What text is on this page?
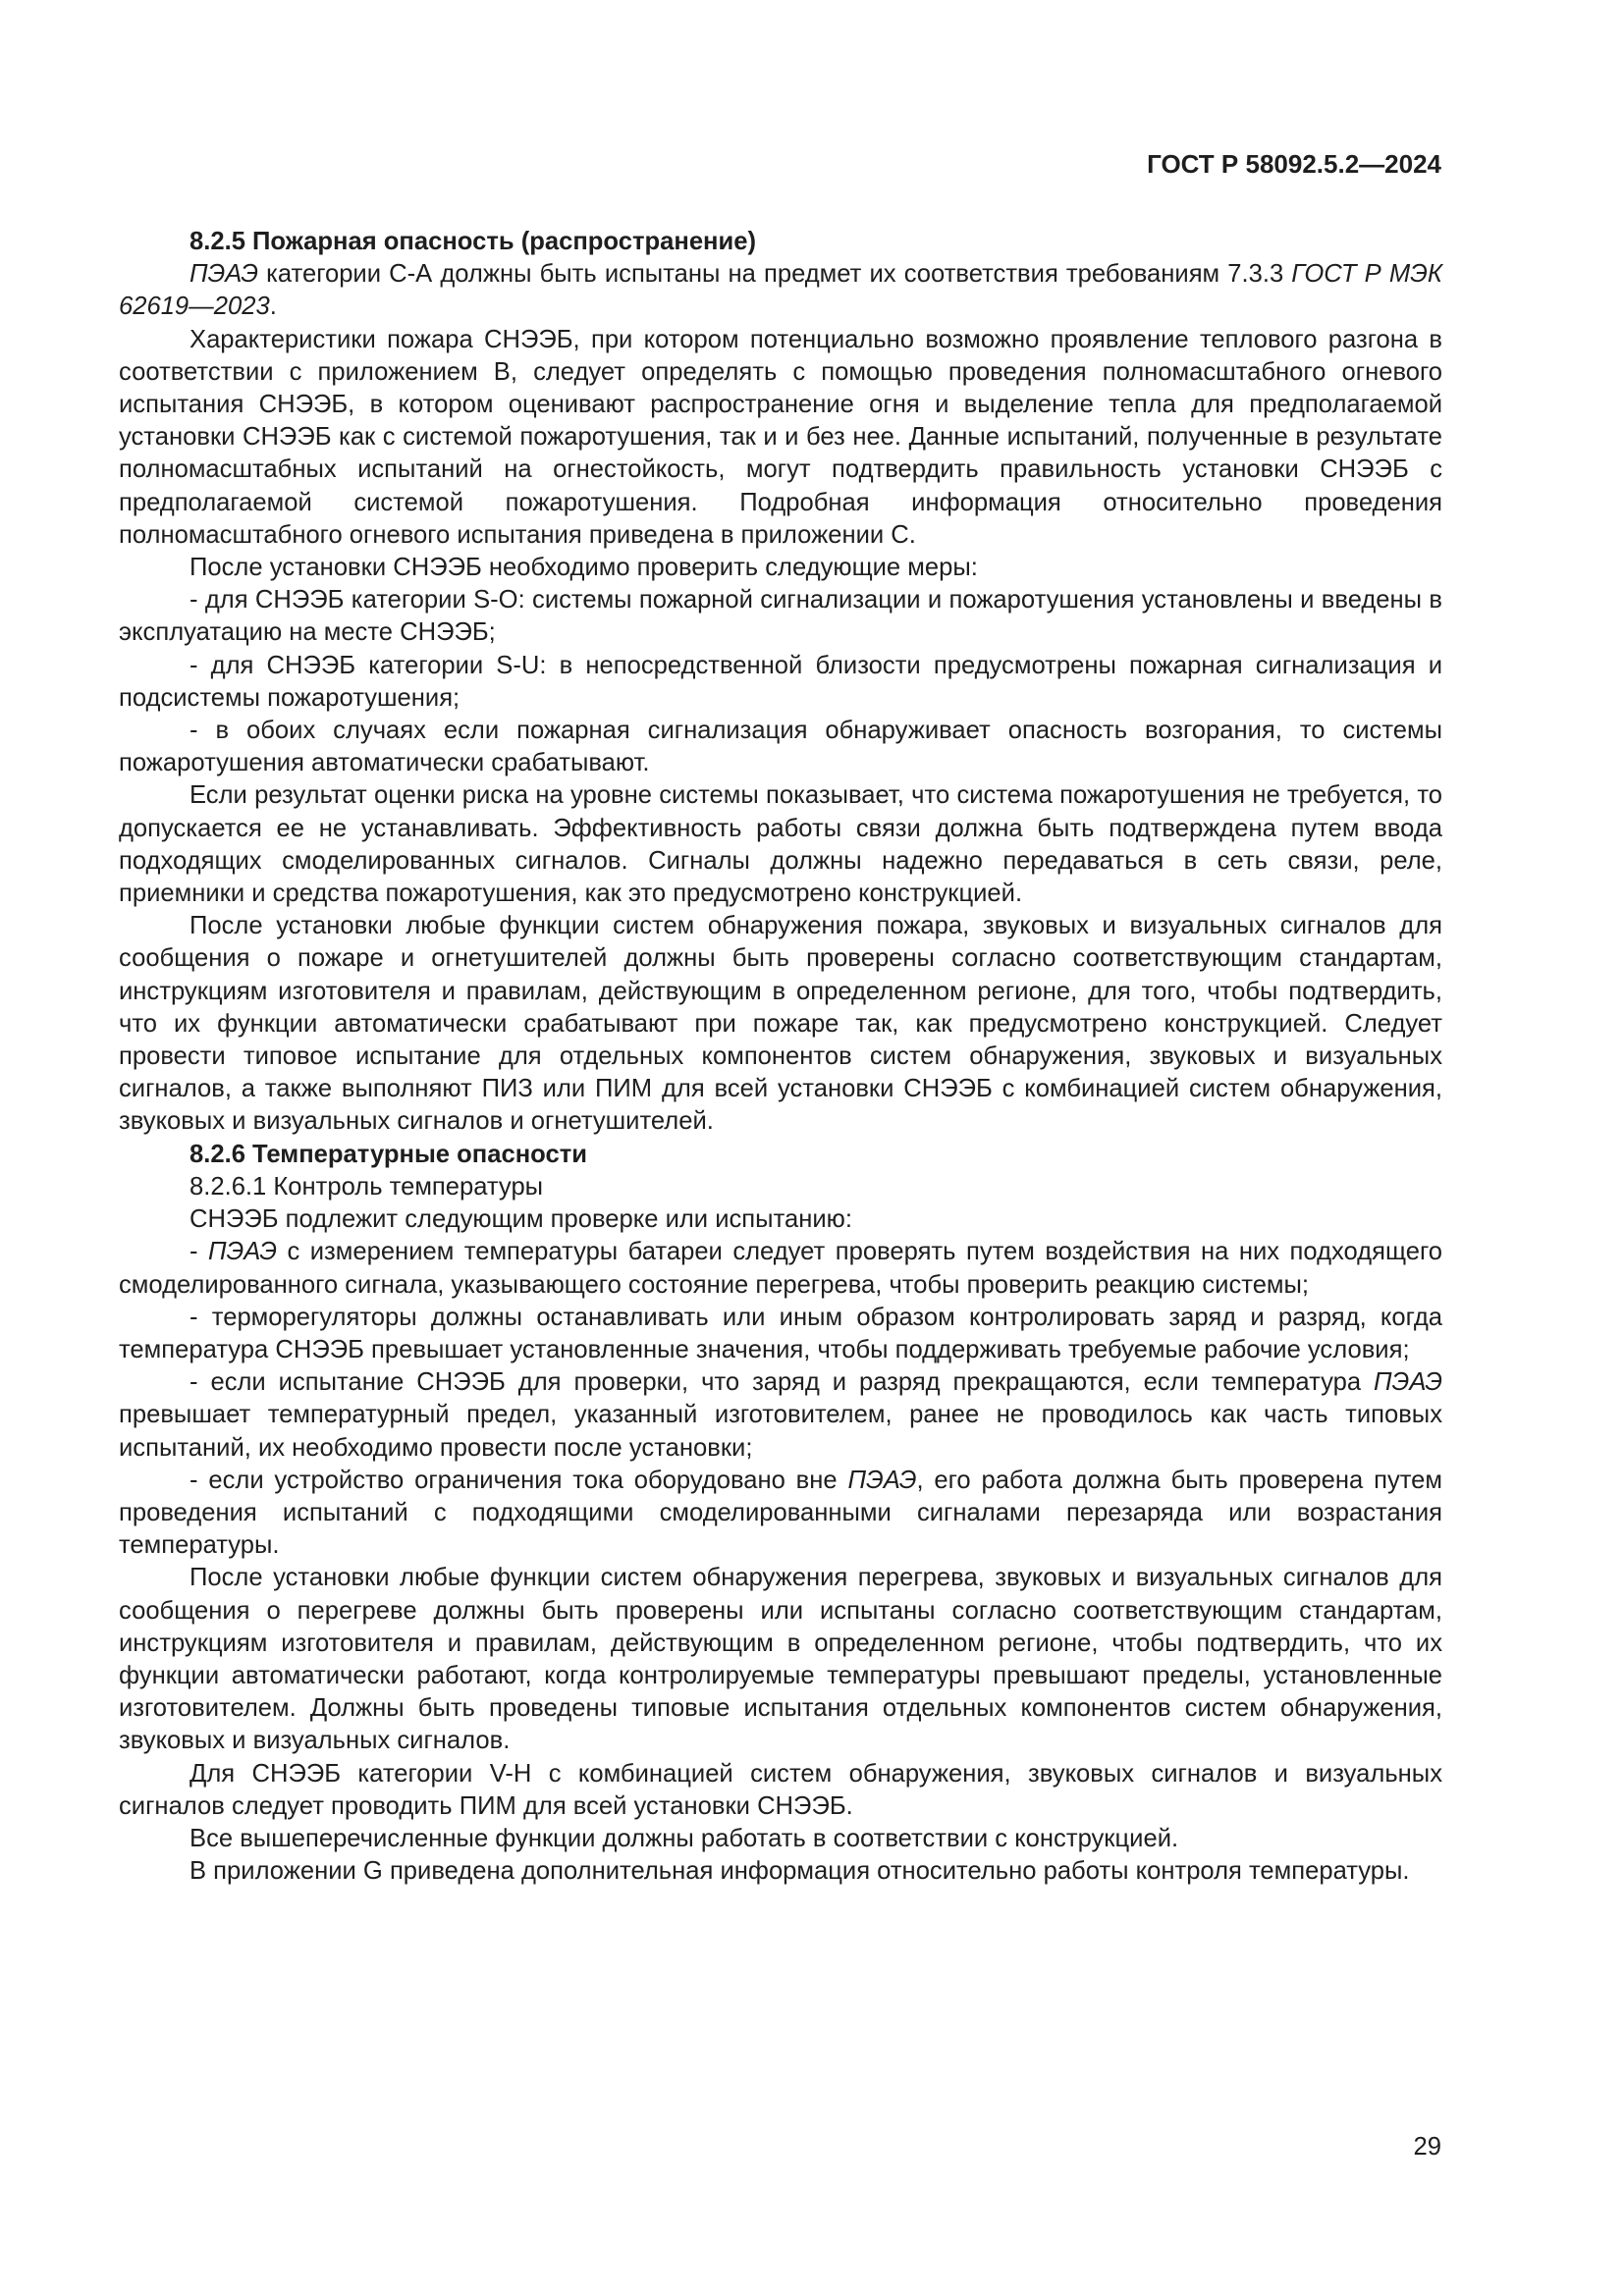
ГОСТ Р 58092.5.2—2024
8.2.5 Пожарная опасность (распространение)

ПЭАЭ категории С-А должны быть испытаны на предмет их соответствия требованиям 7.3.3 ГОСТ Р МЭК 62619—2023.

Характеристики пожара СНЭЭБ, при котором потенциально возможно проявление теплового разгона в соответствии с приложением В, следует определять с помощью проведения полномасштабного огневого испытания СНЭЭБ, в котором оценивают распространение огня и выделение тепла для предполагаемой установки СНЭЭБ как с системой пожаротушения, так и и без нее. Данные испытаний, полученные в результате полномасштабных испытаний на огнестойкость, могут подтвердить правильность установки СНЭЭБ с предполагаемой системой пожаротушения. Подробная информация относительно проведения полномасштабного огневого испытания приведена в приложении С.

После установки СНЭЭБ необходимо проверить следующие меры:

- для СНЭЭБ категории S-O: системы пожарной сигнализации и пожаротушения установлены и введены в эксплуатацию на месте СНЭЭБ;

- для СНЭЭБ категории S-U: в непосредственной близости предусмотрены пожарная сигнализация и подсистемы пожаротушения;

- в обоих случаях если пожарная сигнализация обнаруживает опасность возгорания, то системы пожаротушения автоматически срабатывают.

Если результат оценки риска на уровне системы показывает, что система пожаротушения не требуется, то допускается ее не устанавливать. Эффективность работы связи должна быть подтверждена путем ввода подходящих смоделированных сигналов. Сигналы должны надежно передаваться в сеть связи, реле, приемники и средства пожаротушения, как это предусмотрено конструкцией.

После установки любые функции систем обнаружения пожара, звуковых и визуальных сигналов для сообщения о пожаре и огнетушителей должны быть проверены согласно соответствующим стандартам, инструкциям изготовителя и правилам, действующим в определенном регионе, для того, чтобы подтвердить, что их функции автоматически срабатывают при пожаре так, как предусмотрено конструкцией. Следует провести типовое испытание для отдельных компонентов систем обнаружения, звуковых и визуальных сигналов, а также выполняют ПИЗ или ПИМ для всей установки СНЭЭБ с комбинацией систем обнаружения, звуковых и визуальных сигналов и огнетушителей.

8.2.6 Температурные опасности

8.2.6.1 Контроль температуры

СНЭЭБ подлежит следующим проверке или испытанию:

- ПЭАЭ с измерением температуры батареи следует проверять путем воздействия на них подходящего смоделированного сигнала, указывающего состояние перегрева, чтобы проверить реакцию системы;

- терморегуляторы должны останавливать или иным образом контролировать заряд и разряд, когда температура СНЭЭБ превышает установленные значения, чтобы поддерживать требуемые рабочие условия;

- если испытание СНЭЭБ для проверки, что заряд и разряд прекращаются, если температура ПЭАЭ превышает температурный предел, указанный изготовителем, ранее не проводилось как часть типовых испытаний, их необходимо провести после установки;

- если устройство ограничения тока оборудовано вне ПЭАЭ, его работа должна быть проверена путем проведения испытаний с подходящими смоделированными сигналами перезаряда или возрастания температуры.

После установки любые функции систем обнаружения перегрева, звуковых и визуальных сигналов для сообщения о перегреве должны быть проверены или испытаны согласно соответствующим стандартам, инструкциям изготовителя и правилам, действующим в определенном регионе, чтобы подтвердить, что их функции автоматически работают, когда контролируемые температуры превышают пределы, установленные изготовителем. Должны быть проведены типовые испытания отдельных компонентов систем обнаружения, звуковых и визуальных сигналов.

Для СНЭЭБ категории V-H с комбинацией систем обнаружения, звуковых сигналов и визуальных сигналов следует проводить ПИМ для всей установки СНЭЭБ.

Все вышеперечисленные функции должны работать в соответствии с конструкцией.

В приложении G приведена дополнительная информация относительно работы контроля температуры.

29
